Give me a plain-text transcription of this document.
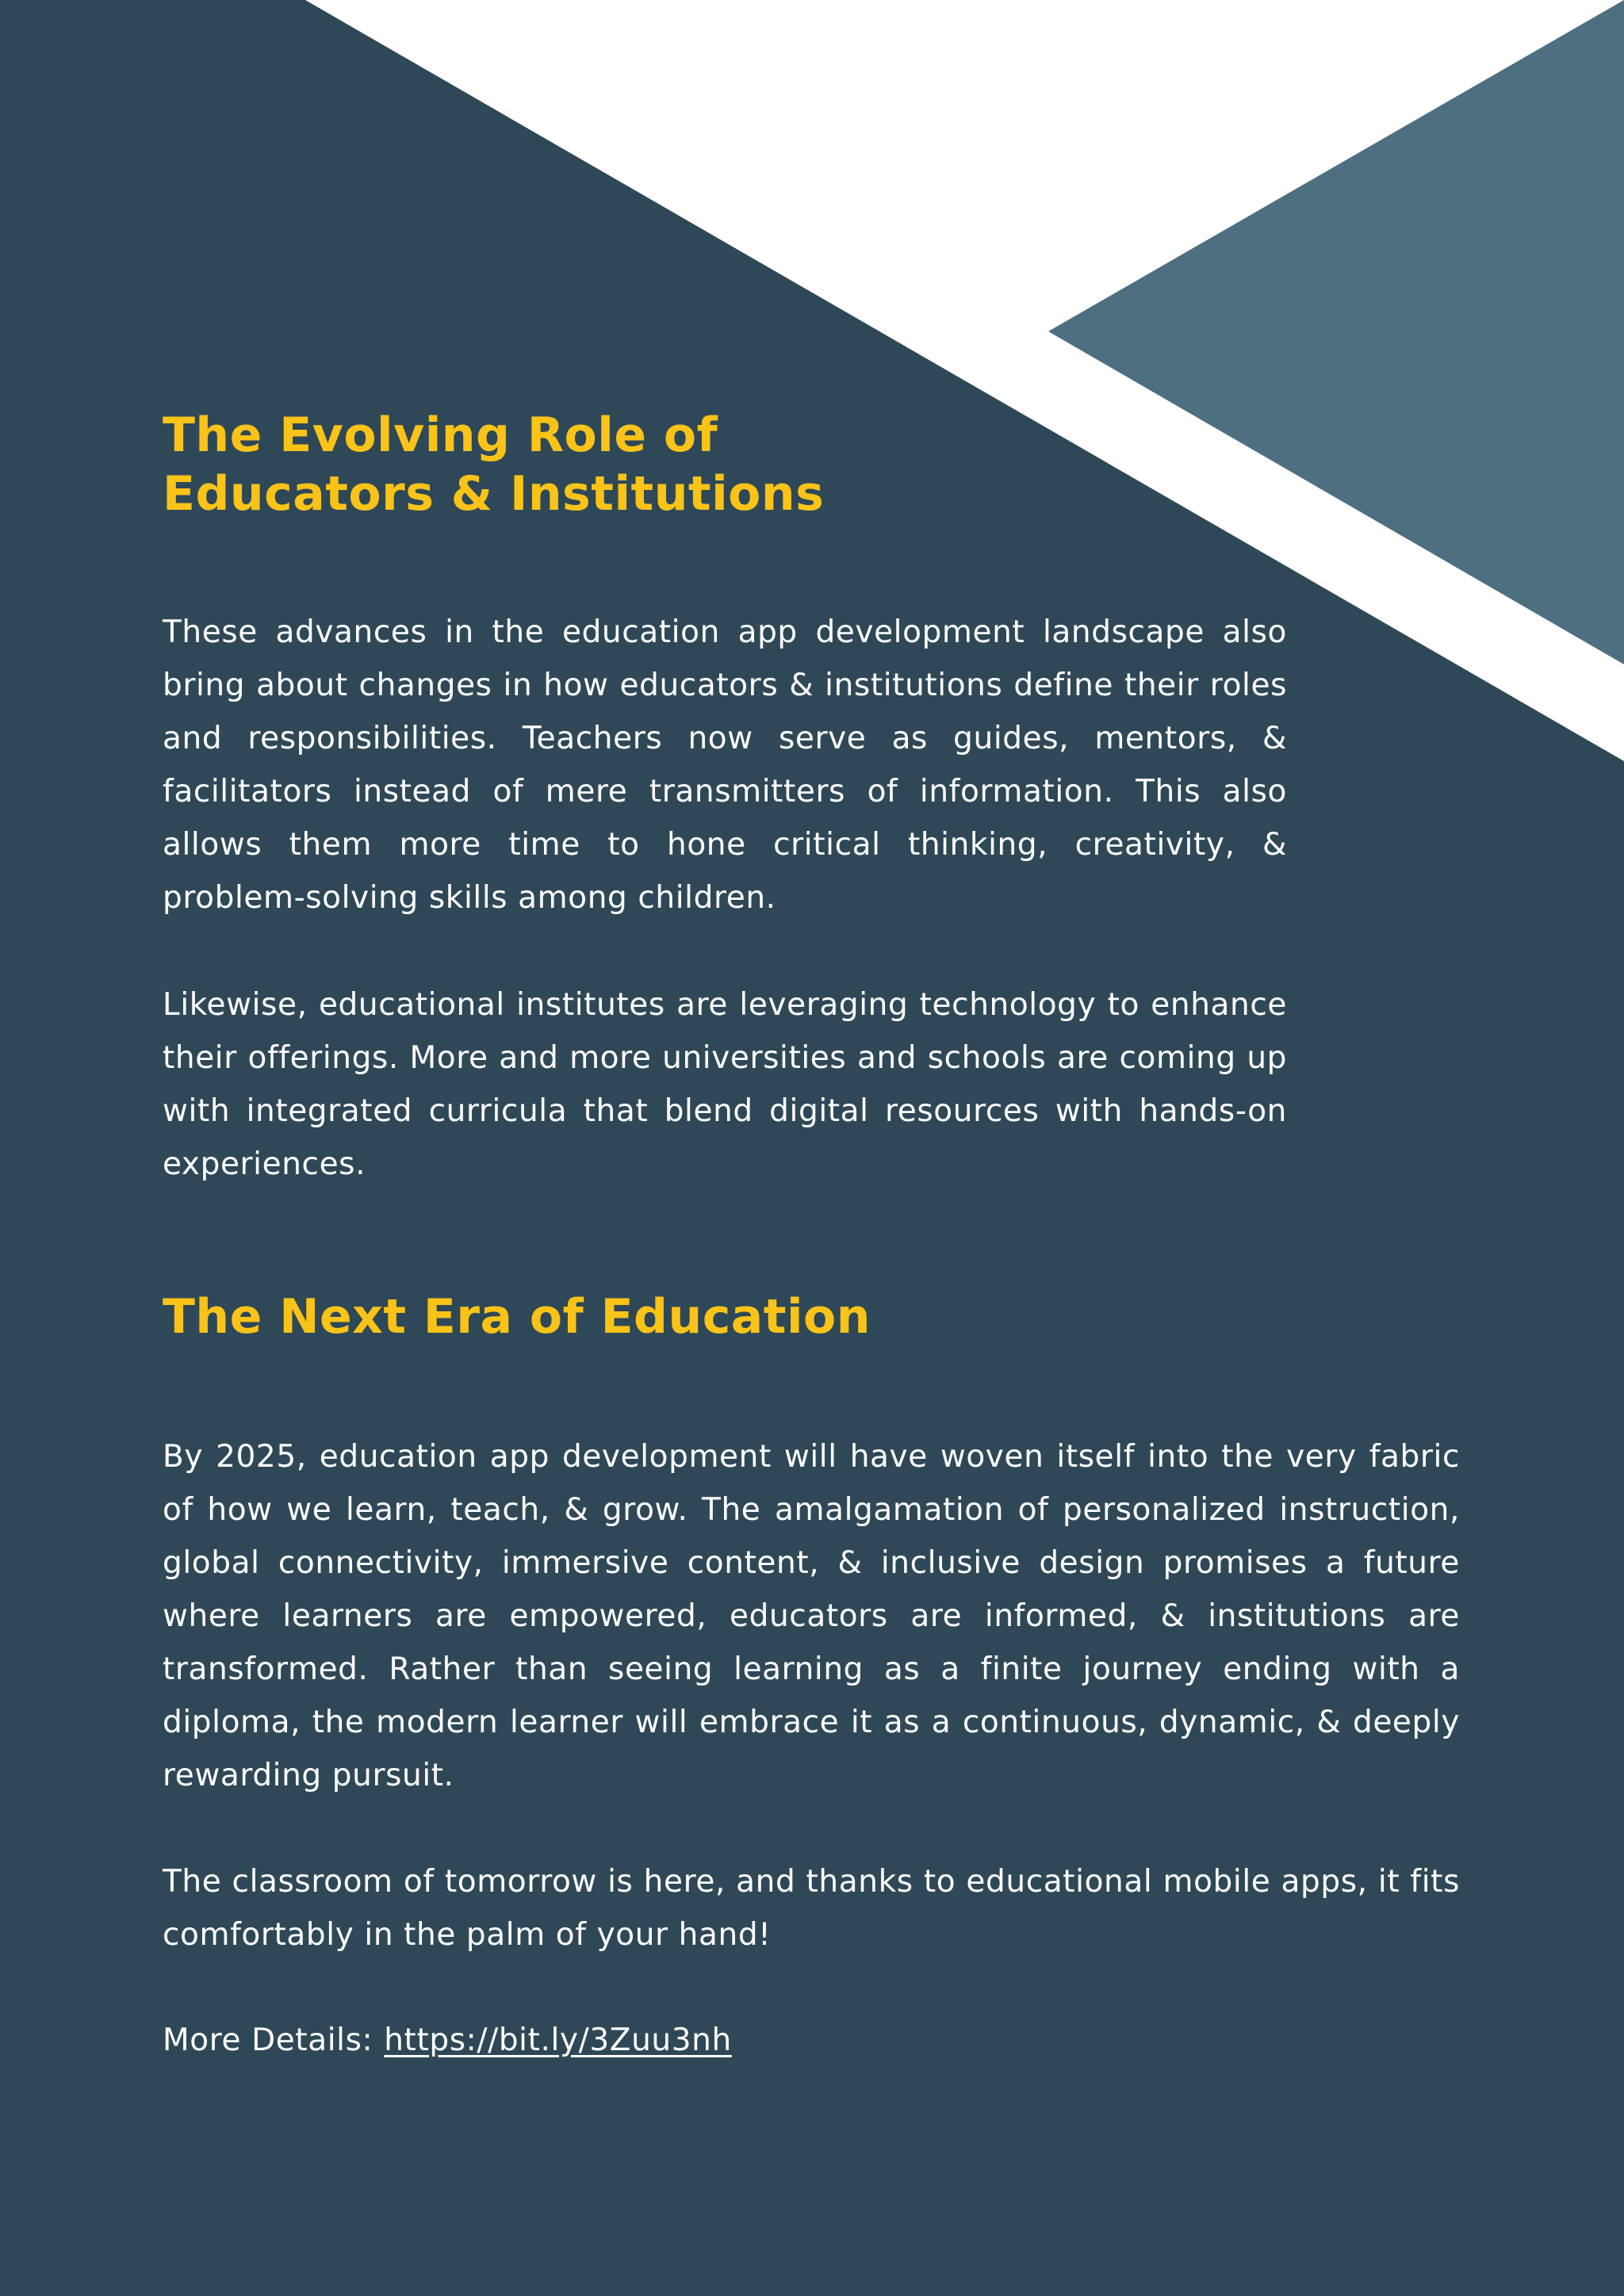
The Evolving Role of
Educators & Institutions

These advances in the education app development landscape also bring about changes in how educators & institutions define their roles and responsibilities. Teachers now serve as guides, mentors, & facilitators instead of mere transmitters of information. This also allows them more time to hone critical thinking, creativity, & problem-solving skills among children.

Likewise, educational institutes are leveraging technology to enhance their offerings. More and more universities and schools are coming up with integrated curricula that blend digital resources with hands-on experiences.

The Next Era of Education

By 2025, education app development will have woven itself into the very fabric of how we learn, teach, & grow. The amalgamation of personalized instruction, global connectivity, immersive content, & inclusive design promises a future where learners are empowered, educators are informed, & institutions are transformed. Rather than seeing learning as a finite journey ending with a diploma, the modern learner will embrace it as a continuous, dynamic, & deeply rewarding pursuit.

The classroom of tomorrow is here, and thanks to educational mobile apps, it fits comfortably in the palm of your hand!

More Details: https://bit.ly/3Zuu3nh
